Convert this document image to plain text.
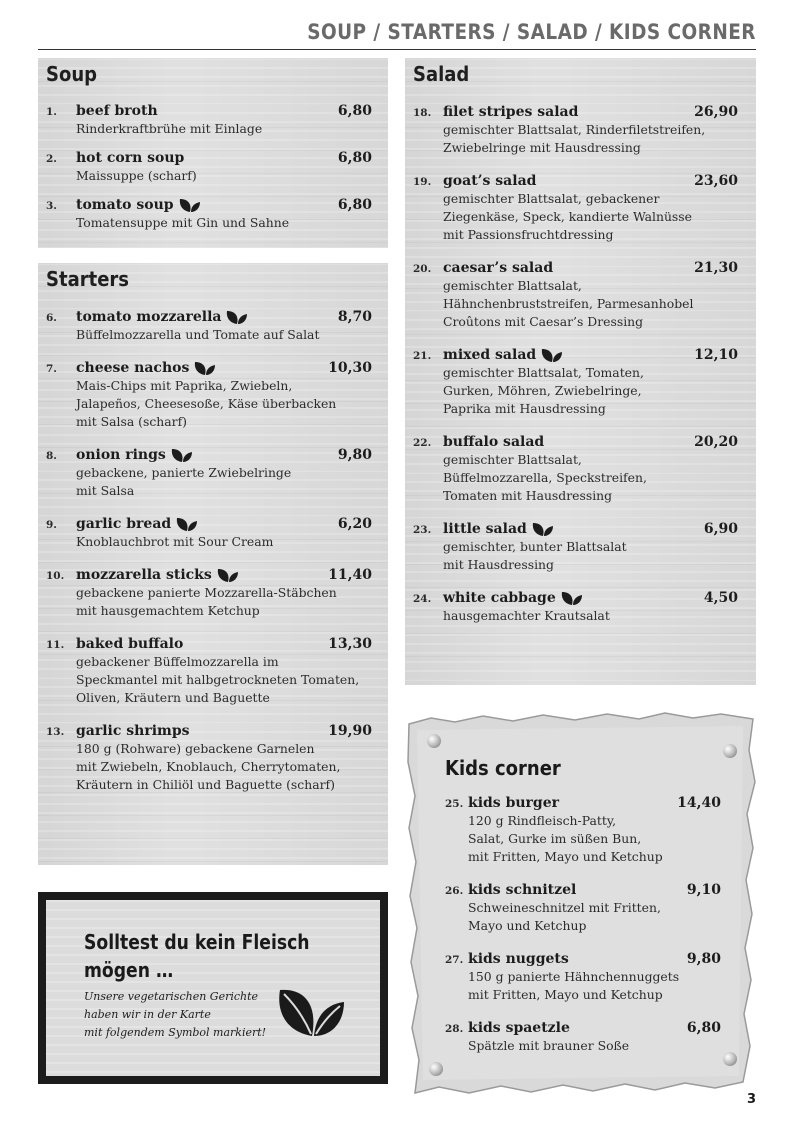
SOUP / STARTERS / SALAD / KIDS CORNER
Soup
1. beef broth	6,80
Rinderkraftbrühe mit Einlage
2. hot corn soup	6,80
Maissuppe (scharf)
3. tomato soup	6,80
Tomatensuppe mit Gin und Sahne
Starters
6. tomato mozzarella	8,70
Büffelmozzarella und Tomate auf Salat
7. cheese nachos	10,30
Mais-Chips mit Paprika, Zwiebeln,
Jalapeños, Cheesesoße, Käse überbacken
mit Salsa (scharf)
8. onion rings	9,80
gebackene, panierte Zwiebelringe
mit Salsa
9. garlic bread	6,20
Knoblauchbrot mit Sour Cream
10. mozzarella sticks	11,40
gebackene panierte Mozzarella-Stäbchen
mit hausgemachtem Ketchup
11. baked buffalo	13,30
gebackener Büffelmozzarella im
Speckmantel mit halbgetrockneten Tomaten,
Oliven, Kräutern und Baguette
13. garlic shrimps	19,90
180 g (Rohware) gebackene Garnelen
mit Zwiebeln, Knoblauch, Cherrytomaten,
Kräutern in Chiliöl und Baguette (scharf)
Salad
18. filet stripes salad	26,90
gemischter Blattsalat, Rinderfiletstreifen,
Zwiebelringe mit Hausdressing
19. goat’s salad	23,60
gemischter Blattsalat, gebackener
Ziegenkäse, Speck, kandierte Walnüsse
mit Passionsfruchtdressing
20. caesar’s salad	21,30
gemischter Blattsalat,
Hähnchenbruststreifen, Parmesanhobel
Croûtons mit Caesar’s Dressing
21. mixed salad	12,10
gemischter Blattsalat, Tomaten,
Gurken, Möhren, Zwiebelringe,
Paprika mit Hausdressing
22. buffalo salad	20,20
gemischter Blattsalat,
Büffelmozzarella, Speckstreifen,
Tomaten mit Hausdressing
23. little salad	6,90
gemischter, bunter Blattsalat
mit Hausdressing
24. white cabbage	4,50
hausgemachter Krautsalat
Solltest du kein Fleisch
mögen …
Unsere vegetarischen Gerichte
haben wir in der Karte
mit folgendem Symbol markiert!
Kids corner
25. kids burger	14,40
120 g Rindfleisch-Patty,
Salat, Gurke im süßen Bun,
mit Fritten, Mayo und Ketchup
26. kids schnitzel	9,10
Schweineschnitzel mit Fritten,
Mayo und Ketchup
27. kids nuggets	9,80
150 g panierte Hähnchennuggets
mit Fritten, Mayo und Ketchup
28. kids spaetzle	6,80
Spätzle mit brauner Soße
3
